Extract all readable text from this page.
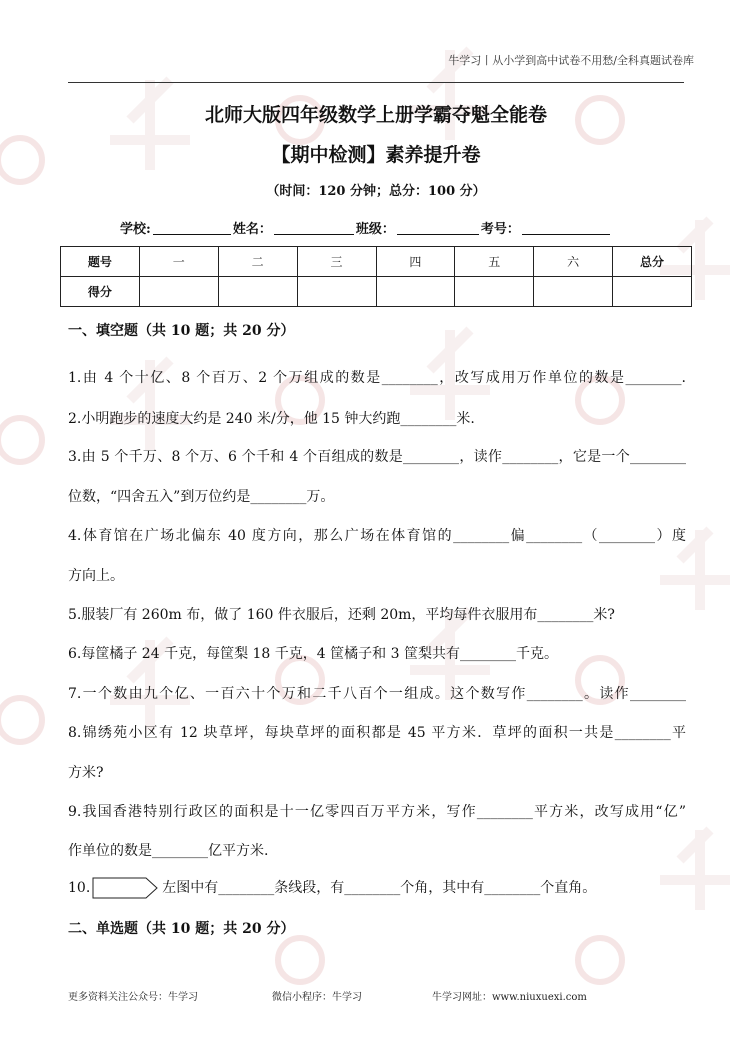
牛学习丨从小学到高中试卷不用愁/全科真题试卷库
北师大版四年级数学上册学霸夺魁全能卷
【期中检测】素养提升卷
（时间：120 分钟；总分：100 分）
学校:	姓名：	班级：	考号：
题号	一	二	三	四	五	六	总分
得分							
一、填空题（共 10 题；共 20 分）
1.由 4 个十亿、8 个百万、2 个万组成的数是________，改写成用万作单位的数是________.
2.小明跑步的速度大约是 240 米/分，他 15 钟大约跑________米.
3.由 5 个千万、8 个万、6 个千和 4 个百组成的数是________，读作________，它是一个________
位数，“四舍五入”到万位约是________万。
4.体育馆在广场北偏东 40 度方向，那么广场在体育馆的________偏________（________）度
方向上。
5.服装厂有 260m 布，做了 160 件衣服后，还剩 20m，平均每件衣服用布________米?
6.每筐橘子 24 千克，每筐梨 18 千克，4 筐橘子和 3 筐梨共有________千克。
7.一个数由九个亿、一百六十个万和二千八百个一组成。这个数写作________。读作________
8.锦绣苑小区有 12 块草坪，每块草坪的面积都是 45 平方米．草坪的面积一共是________平
方米?
9.我国香港特别行政区的面积是十一亿零四百万平方米，写作________平方米，改写成用“亿”
作单位的数是________亿平方米.
10.	左图中有________条线段，有________个角，其中有________个直角。
二、单选题（共 10 题；共 20 分）
更多资料关注公众号：牛学习	微信小程序：牛学习	牛学习网址：www.niuxuexi.com
